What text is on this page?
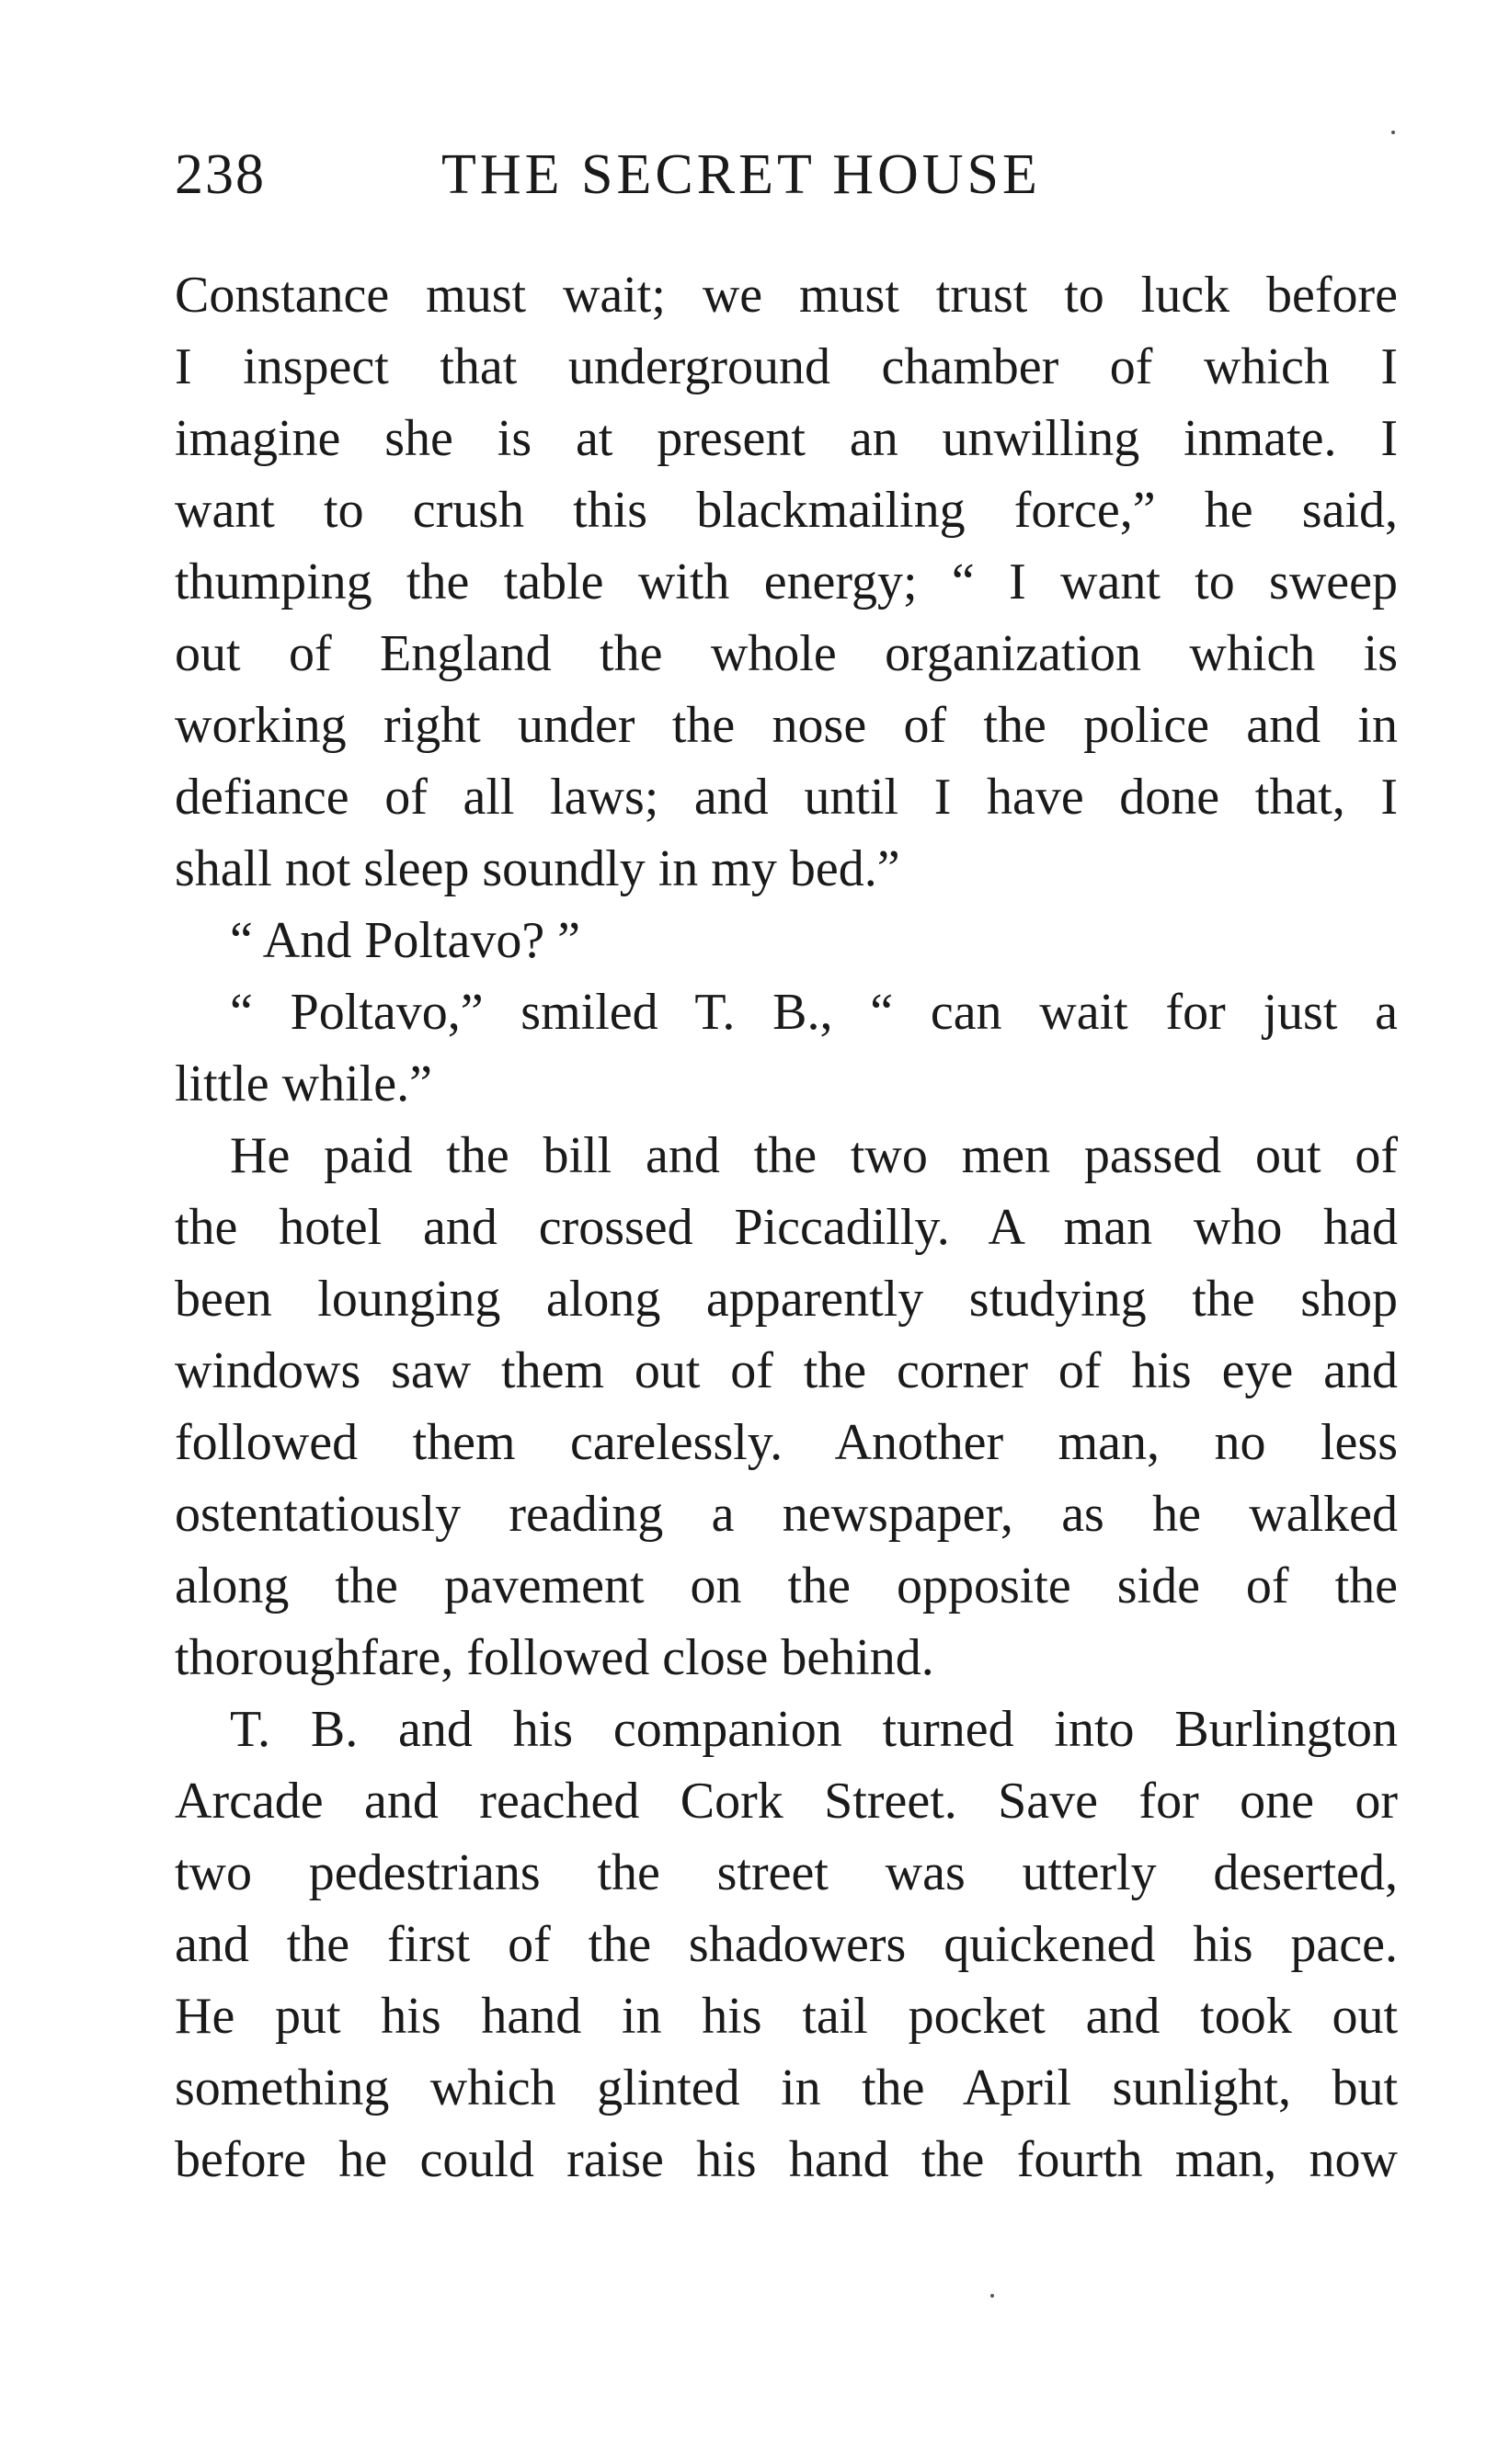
238	THE SECRET HOUSE
Constance must wait; we must trust to luck before
I inspect that underground chamber of which I
imagine she is at present an unwilling inmate. I
want to crush this blackmailing force,” he said,
thumping the table with energy; “ I want to sweep
out of England the whole organization which is
working right under the nose of the police and in
defiance of all laws; and until I have done that, I
shall not sleep soundly in my bed.”
“ And Poltavo? ”
“ Poltavo,” smiled T. B., “ can wait for just a
little while.”
He paid the bill and the two men passed out of
the hotel and crossed Piccadilly. A man who had
been lounging along apparently studying the shop
windows saw them out of the corner of his eye and
followed them carelessly. Another man, no less
ostentatiously reading a newspaper, as he walked
along the pavement on the opposite side of the
thoroughfare, followed close behind.
T. B. and his companion turned into Burlington
Arcade and reached Cork Street. Save for one or
two pedestrians the street was utterly deserted,
and the first of the shadowers quickened his pace.
He put his hand in his tail pocket and took out
something which glinted in the April sunlight, but
before he could raise his hand the fourth man, now
